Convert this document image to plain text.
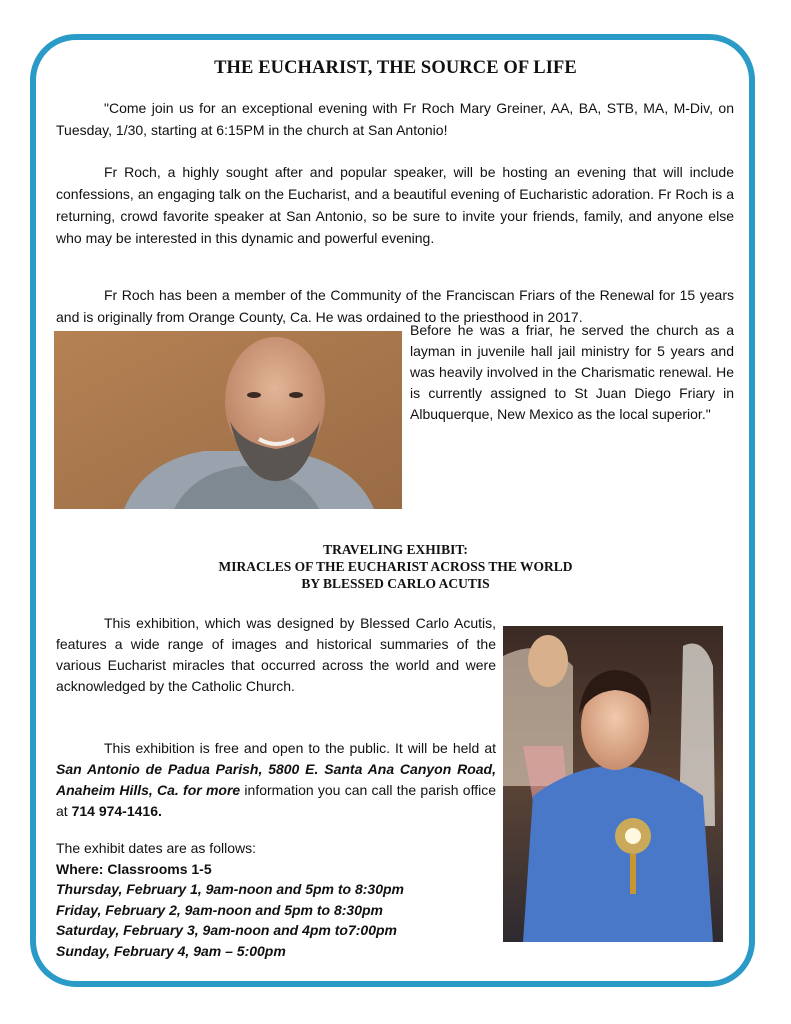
THE EUCHARIST, THE SOURCE OF LIFE

"Come join us for an exceptional evening with Fr Roch Mary Greiner, AA, BA, STB, MA, M-Div, on Tuesday, 1/30, starting at 6:15PM in the church at San Antonio!

Fr Roch, a highly sought after and popular speaker, will be hosting an evening that will include confessions, an engaging talk on the Eucharist, and a beautiful evening of Eucharistic adoration. Fr Roch is a returning, crowd favorite speaker at San Antonio, so be sure to invite your friends, family, and anyone else who may be interested in this dynamic and powerful evening.

Fr Roch has been a member of the Community of the Franciscan Friars of the Renewal for 15 years and is originally from Orange County, Ca. He was ordained to the priesthood in 2017.

Before he was a friar, he served the church as a layman in juvenile hall jail ministry for 5 years and was heavily involved in the Charismatic renewal. He is currently assigned to St Juan Diego Friary in Albuquerque, New Mexico as the local superior."

TRAVELING EXHIBIT:
MIRACLES OF THE EUCHARIST ACROSS THE WORLD
BY BLESSED CARLO ACUTIS

This exhibition, which was designed by Blessed Carlo Acutis, features a wide range of images and historical summaries of the various Eucharist miracles that occurred across the world and were acknowledged by the Catholic Church.

This exhibition is free and open to the public. It will be held at San Antonio de Padua Parish, 5800 E. Santa Ana Canyon Road, Anaheim Hills, Ca. for more information you can call the parish office at 714 974-1416.

The exhibit dates are as follows:
Where: Classrooms 1-5
Thursday, February 1, 9am-noon and 5pm to 8:30pm
Friday, February 2, 9am-noon and 5pm to 8:30pm
Saturday, February 3, 9am-noon and 4pm to7:00pm
Sunday, February 4, 9am – 5:00pm
